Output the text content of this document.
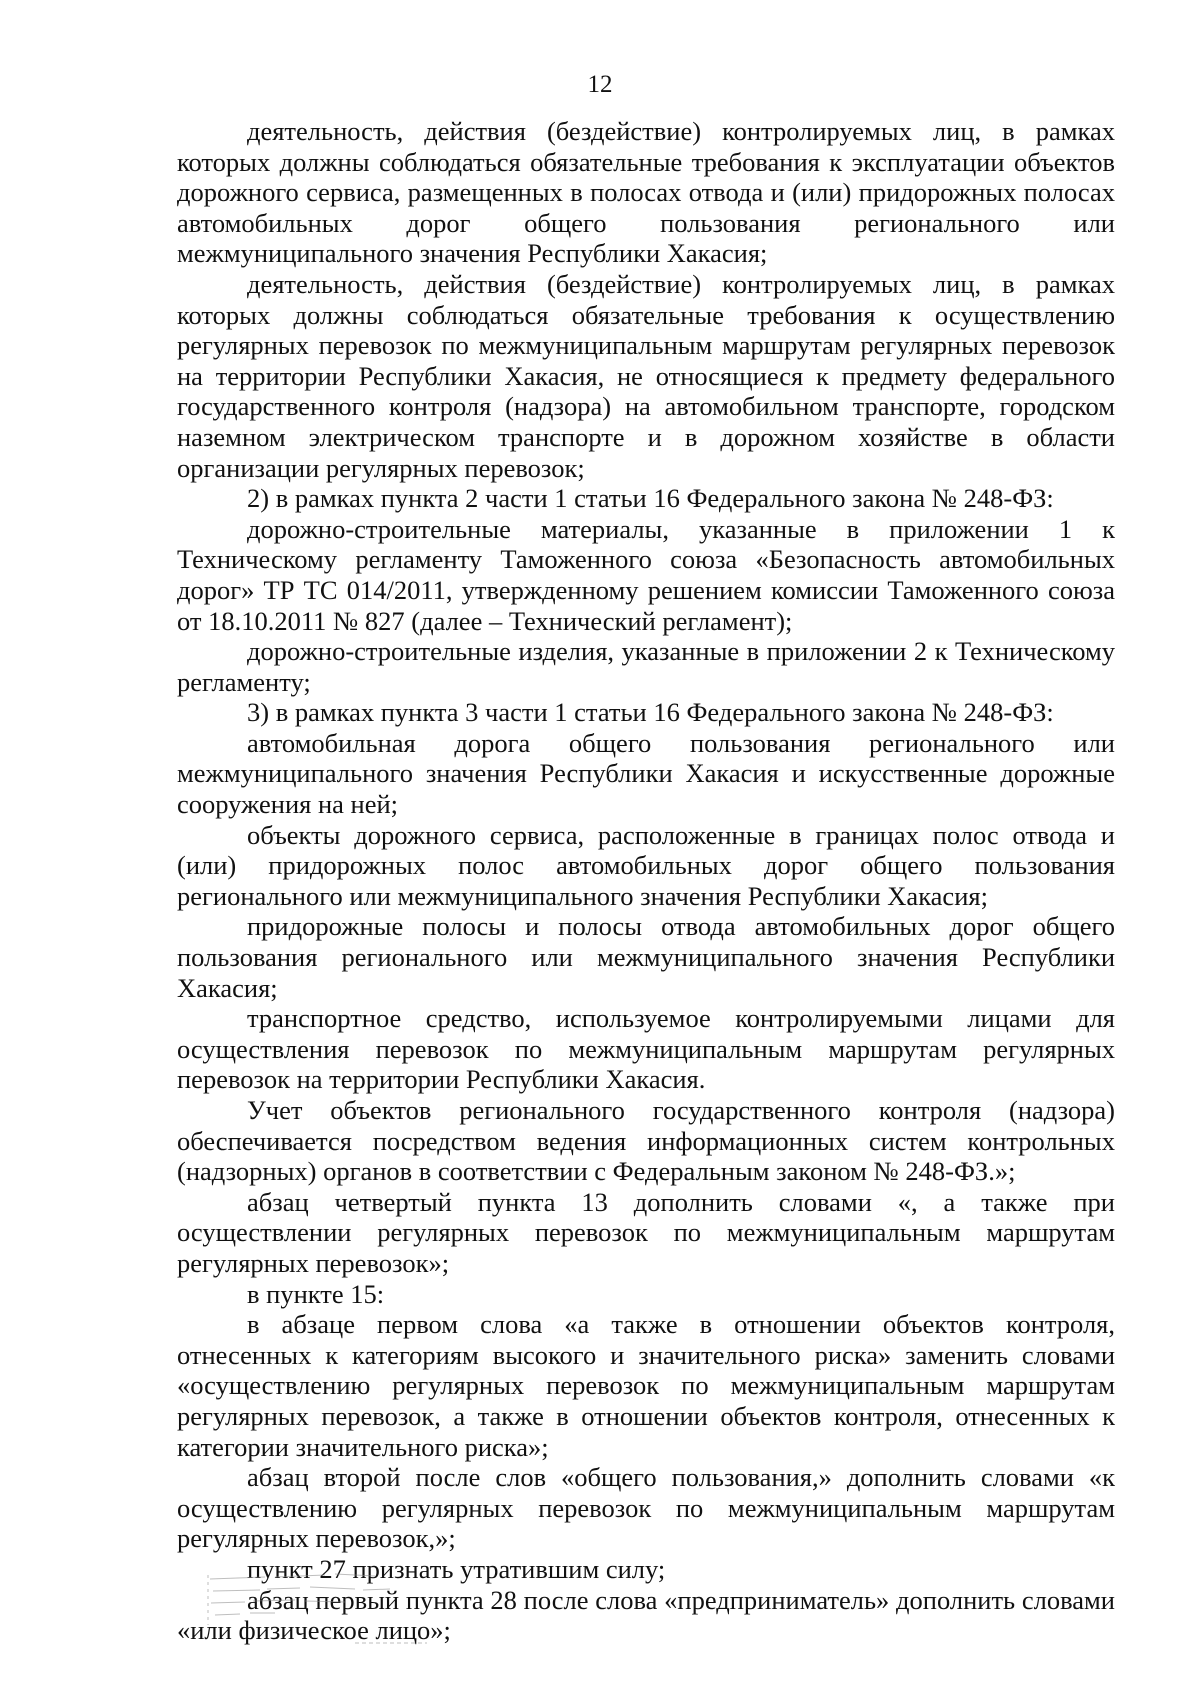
12

деятельность, действия (бездействие) контролируемых лиц, в рамках которых должны соблюдаться обязательные требования к эксплуатации объектов дорожного сервиса, размещенных в полосах отвода и (или) придорожных полосах автомобильных дорог общего пользования регионального или межмуниципального значения Республики Хакасия;

деятельность, действия (бездействие) контролируемых лиц, в рамках которых должны соблюдаться обязательные требования к осуществлению регулярных перевозок по межмуниципальным маршрутам регулярных перевозок на территории Республики Хакасия, не относящиеся к предмету федерального государственного контроля (надзора) на автомобильном транспорте, городском наземном электрическом транспорте и в дорожном хозяйстве в области организации регулярных перевозок;

2) в рамках пункта 2 части 1 статьи 16 Федерального закона № 248-ФЗ:

дорожно-строительные материалы, указанные в приложении 1 к Техническому регламенту Таможенного союза «Безопасность автомобильных дорог» ТР ТС 014/2011, утвержденному решением комиссии Таможенного союза от 18.10.2011 № 827 (далее – Технический регламент);

дорожно-строительные изделия, указанные в приложении 2 к Техническому регламенту;

3) в рамках пункта 3 части 1 статьи 16 Федерального закона № 248-ФЗ:

автомобильная дорога общего пользования регионального или межмуниципального значения Республики Хакасия и искусственные дорожные сооружения на ней;

объекты дорожного сервиса, расположенные в границах полос отвода и (или) придорожных полос автомобильных дорог общего пользования регионального или межмуниципального значения Республики Хакасия;

придорожные полосы и полосы отвода автомобильных дорог общего пользования регионального или межмуниципального значения Республики Хакасия;

транспортное средство, используемое контролируемыми лицами для осуществления перевозок по межмуниципальным маршрутам регулярных перевозок на территории Республики Хакасия.

Учет объектов регионального государственного контроля (надзора) обеспечивается посредством ведения информационных систем контрольных (надзорных) органов в соответствии с Федеральным законом № 248-ФЗ.»;

абзац четвертый пункта 13 дополнить словами «, а также при осуществлении регулярных перевозок по межмуниципальным маршрутам регулярных перевозок»;

в пункте 15:

в абзаце первом слова «а также в отношении объектов контроля, отнесенных к категориям высокого и значительного риска» заменить словами «осуществлению регулярных перевозок по межмуниципальным маршрутам регулярных перевозок, а также в отношении объектов контроля, отнесенных к категории значительного риска»;

абзац второй после слов «общего пользования,» дополнить словами «к осуществлению регулярных перевозок по межмуниципальным маршрутам регулярных перевозок,»;

пункт 27 признать утратившим силу;

абзац первый пункта 28 после слова «предприниматель» дополнить словами «или физическое лицо»;
